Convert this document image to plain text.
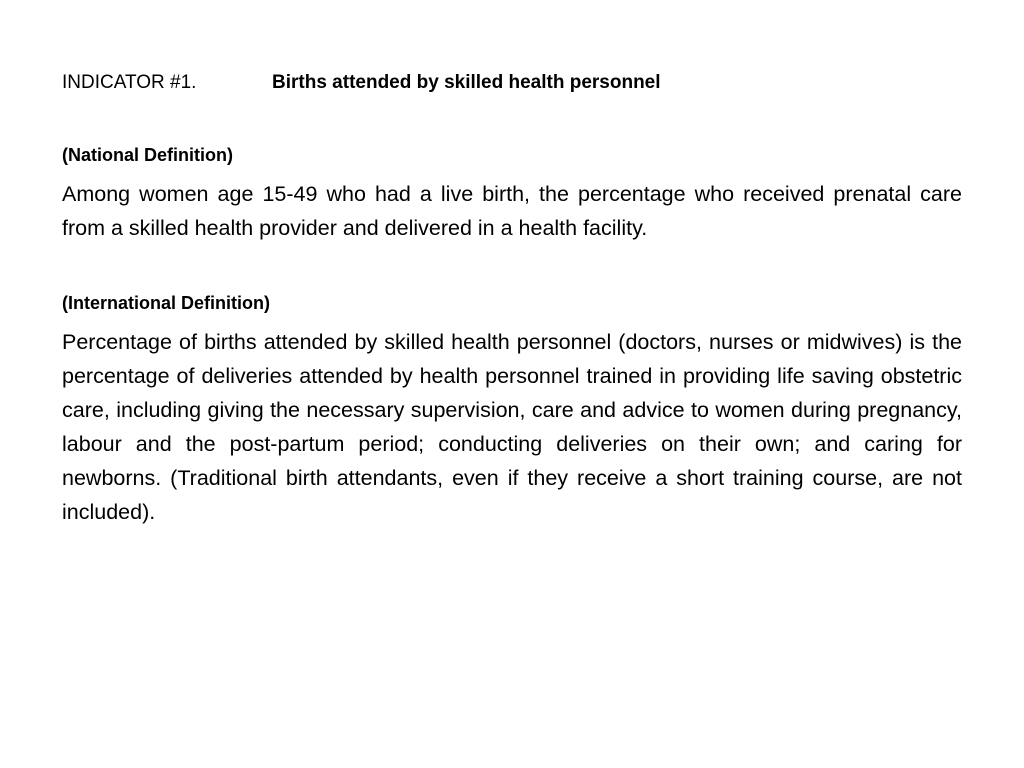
INDICATOR #1.	Births attended by skilled health personnel
(National Definition)

Among women age 15-49 who had a live birth, the percentage who received prenatal care from a skilled health provider and delivered in a health facility.

(International Definition)

Percentage of births attended by skilled health personnel (doctors, nurses or midwives) is the percentage of deliveries attended by health personnel trained in providing life saving obstetric care, including giving the necessary supervision, care and advice to women during pregnancy, labour and the post-partum period; conducting deliveries on their own; and caring for newborns. (Traditional birth attendants, even if they receive a short training course, are not included).
